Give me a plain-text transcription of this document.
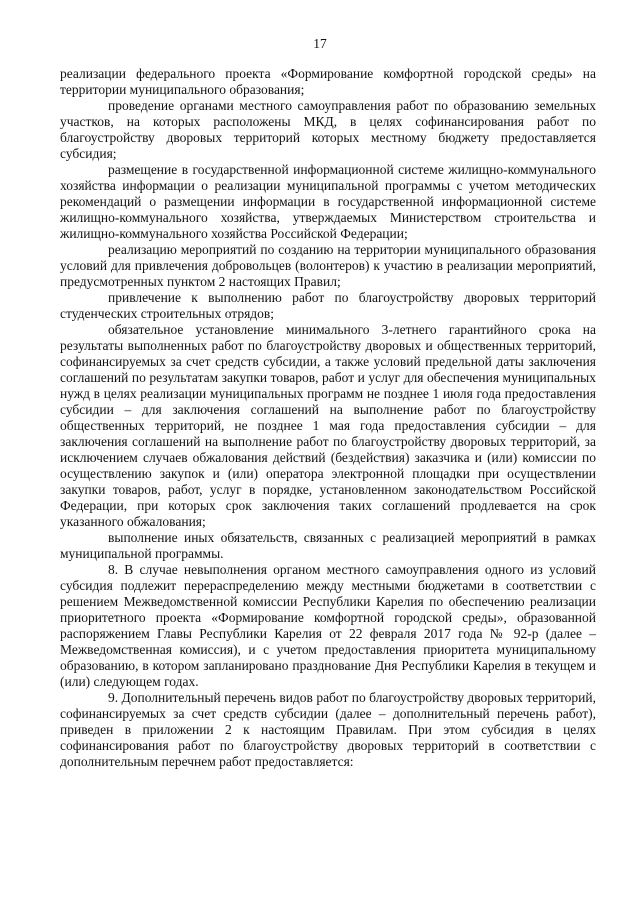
17

реализации федерального проекта «Формирование комфортной городской среды» на территории муниципального образования;

проведение органами местного самоуправления работ по образованию земельных участков, на которых расположены МКД, в целях софинансирования работ по благоустройству дворовых территорий которых местному бюджету предоставляется субсидия;

размещение в государственной информационной системе жилищно-коммунального хозяйства информации о реализации муниципальной программы с учетом методических рекомендаций о размещении информации в государственной информационной системе жилищно-коммунального хозяйства, утверждаемых Министерством строительства и жилищно-коммунального хозяйства Российской Федерации;

реализацию мероприятий по созданию на территории муниципального образования условий для привлечения добровольцев (волонтеров) к участию в реализации мероприятий, предусмотренных пунктом 2 настоящих Правил;

привлечение к выполнению работ по благоустройству дворовых территорий студенческих строительных отрядов;

обязательное установление минимального 3-летнего гарантийного срока на результаты выполненных работ по благоустройству дворовых и общественных территорий, софинансируемых за счет средств субсидии, а также условий предельной даты заключения соглашений по результатам закупки товаров, работ и услуг для обеспечения муниципальных нужд в целях реализации муниципальных программ не позднее 1 июля года предоставления субсидии – для заключения соглашений на выполнение работ по благоустройству общественных территорий, не позднее 1 мая года предоставления субсидии – для заключения соглашений на выполнение работ по благоустройству дворовых территорий, за исключением случаев обжалования действий (бездействия) заказчика и (или) комиссии по осуществлению закупок и (или) оператора электронной площадки при осуществлении закупки товаров, работ, услуг в порядке, установленном законодательством Российской Федерации, при которых срок заключения таких соглашений продлевается на срок указанного обжалования;

выполнение иных обязательств, связанных с реализацией мероприятий в рамках муниципальной программы.

8. В случае невыполнения органом местного самоуправления одного из условий субсидия подлежит перераспределению между местными бюджетами в соответствии с решением Межведомственной комиссии Республики Карелия по обеспечению реализации приоритетного проекта «Формирование комфортной городской среды», образованной распоряжением Главы Республики Карелия от 22 февраля 2017 года № 92-р (далее – Межведомственная комиссия), и с учетом предоставления приоритета муниципальному образованию, в котором запланировано празднование Дня Республики Карелия в текущем и (или) следующем годах.

9. Дополнительный перечень видов работ по благоустройству дворовых территорий, софинансируемых за счет средств субсидии (далее – дополнительный перечень работ), приведен в приложении 2 к настоящим Правилам. При этом субсидия в целях софинансирования работ по благоустройству дворовых территорий в соответствии с дополнительным перечнем работ предоставляется:
